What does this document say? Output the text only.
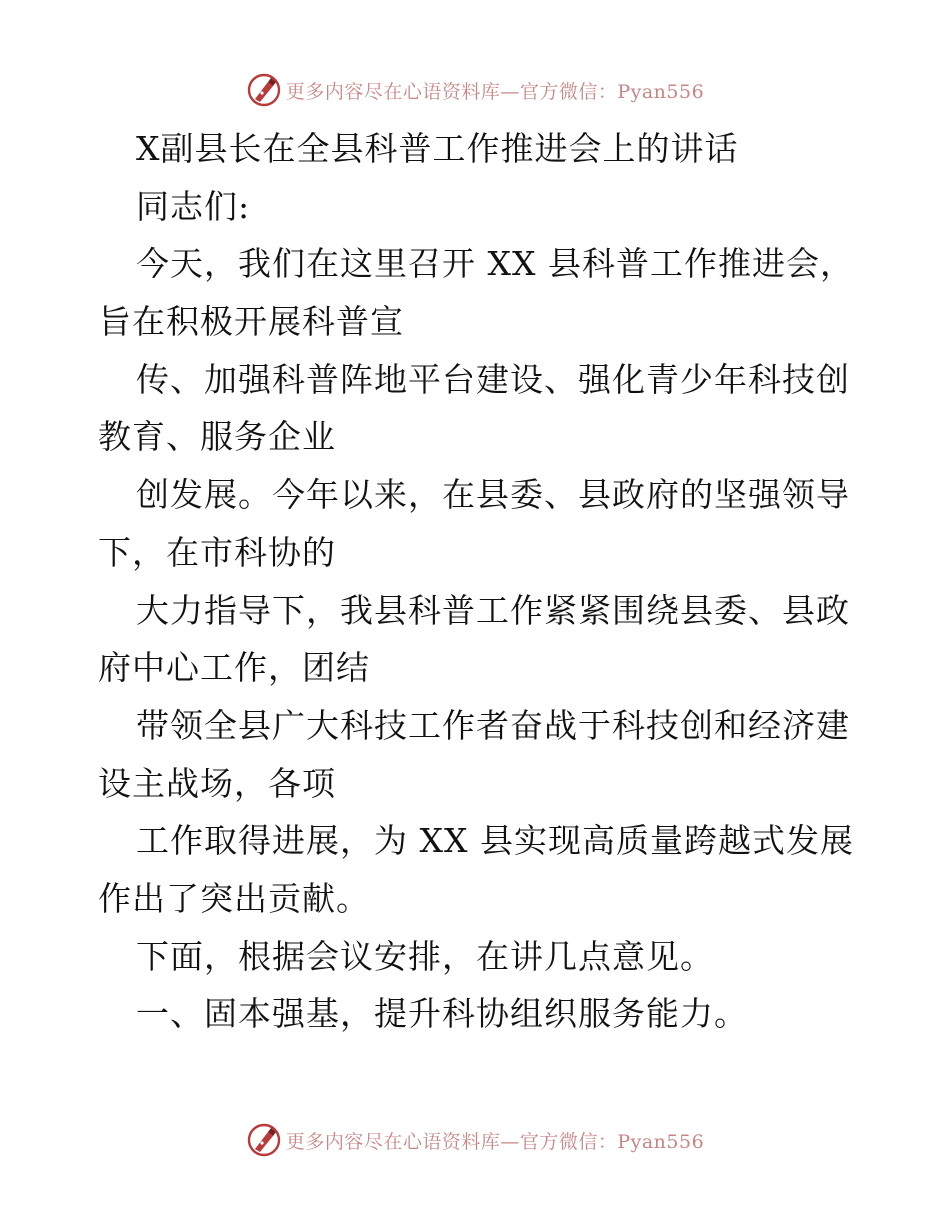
更多内容尽在心语资料库—官方微信：Pyan556
X副县长在全县科普工作推进会上的讲话
同志们:
今天，我们在这里召开 XX 县科普工作推进会，
旨在积极开展科普宣
传、加强科普阵地平台建设、强化青少年科技创
教育、服务企业
创发展。今年以来，在县委、县政府的坚强领导
下，在市科协的
大力指导下，我县科普工作紧紧围绕县委、县政
府中心工作，团结
带领全县广大科技工作者奋战于科技创和经济建
设主战场，各项
工作取得进展，为 XX 县实现高质量跨越式发展
作出了突出贡献。
下面，根据会议安排，在讲几点意见。
一、固本强基，提升科协组织服务能力。
更多内容尽在心语资料库—官方微信：Pyan556
